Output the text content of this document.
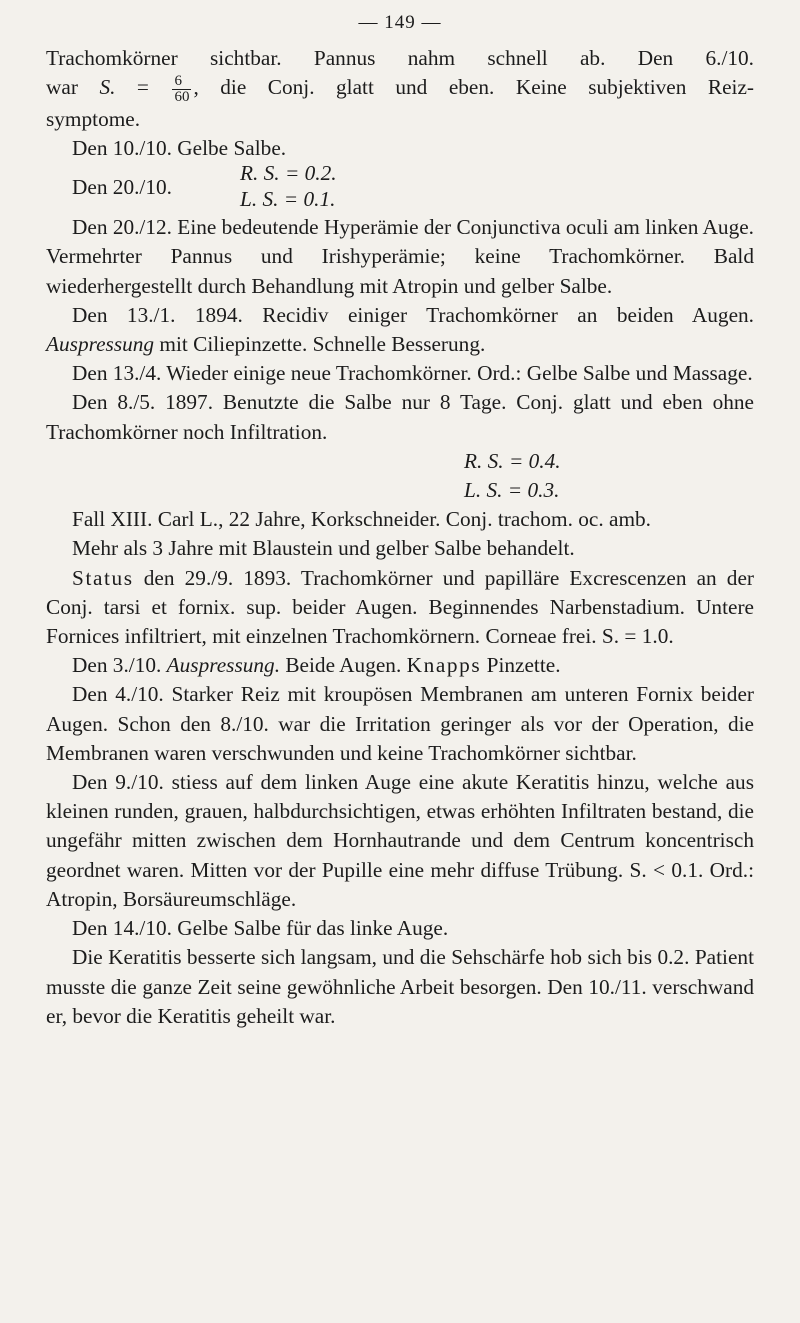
— 149 —

Trachomkörner sichtbar. Pannus nahm schnell ab. Den 6./10.

war S. = $\frac{6}{60}$ , die Conj. glatt und eben. Keine subjektiven Reiz-

symptome.

Den 10./10. Gelbe Salbe.

Den 20./10.
R. S. = 0.2.
L. S. = 0.1.

Den 20./12. Eine bedeutende Hyperämie der Conjunctiva oculi am linken Auge. Vermehrter Pannus und Irishyperämie; keine Trachomkörner. Bald wiederhergestellt durch Behandlung mit Atropin und gelber Salbe.

Den 13./1. 1894. Recidiv einiger Trachomkörner an beiden Augen. Auspressung mit Ciliepinzette. Schnelle Besserung.

Den 13./4. Wieder einige neue Trachomkörner. Ord.: Gelbe Salbe und Massage.

Den 8./5. 1897. Benutzte die Salbe nur 8 Tage. Conj. glatt und eben ohne Trachomkörner noch Infiltration.

R. S. = 0.4.

L. S. = 0.3.

Fall XIII. Carl L., 22 Jahre, Korkschneider. Conj. trachom. oc. amb.

Mehr als 3 Jahre mit Blaustein und gelber Salbe behandelt.

Status den 29./9. 1893. Trachomkörner und papilläre Excrescenzen an der Conj. tarsi et fornix. sup. beider Augen. Beginnendes Narbenstadium. Untere Fornices infiltriert, mit einzelnen Trachomkörnern. Corneae frei. S. = 1.0.

Den 3./10. Auspressung. Beide Augen. Knapps Pinzette.

Den 4./10. Starker Reiz mit kroupösen Membranen am unteren Fornix beider Augen. Schon den 8./10. war die Irritation geringer als vor der Operation, die Membranen waren verschwunden und keine Trachomkörner sichtbar.

Den 9./10. stiess auf dem linken Auge eine akute Keratitis hinzu, welche aus kleinen runden, grauen, halbdurchsichtigen, etwas erhöhten Infiltraten bestand, die ungefähr mitten zwischen dem Hornhautrande und dem Centrum koncentrisch geordnet waren. Mitten vor der Pupille eine mehr diffuse Trübung. S. < 0.1. Ord.: Atropin, Borsäureumschläge.

Den 14./10. Gelbe Salbe für das linke Auge.

Die Keratitis besserte sich langsam, und die Sehschärfe hob sich bis 0.2. Patient musste die ganze Zeit seine gewöhnliche Arbeit besorgen. Den 10./11. verschwand er, bevor die Keratitis geheilt war.
